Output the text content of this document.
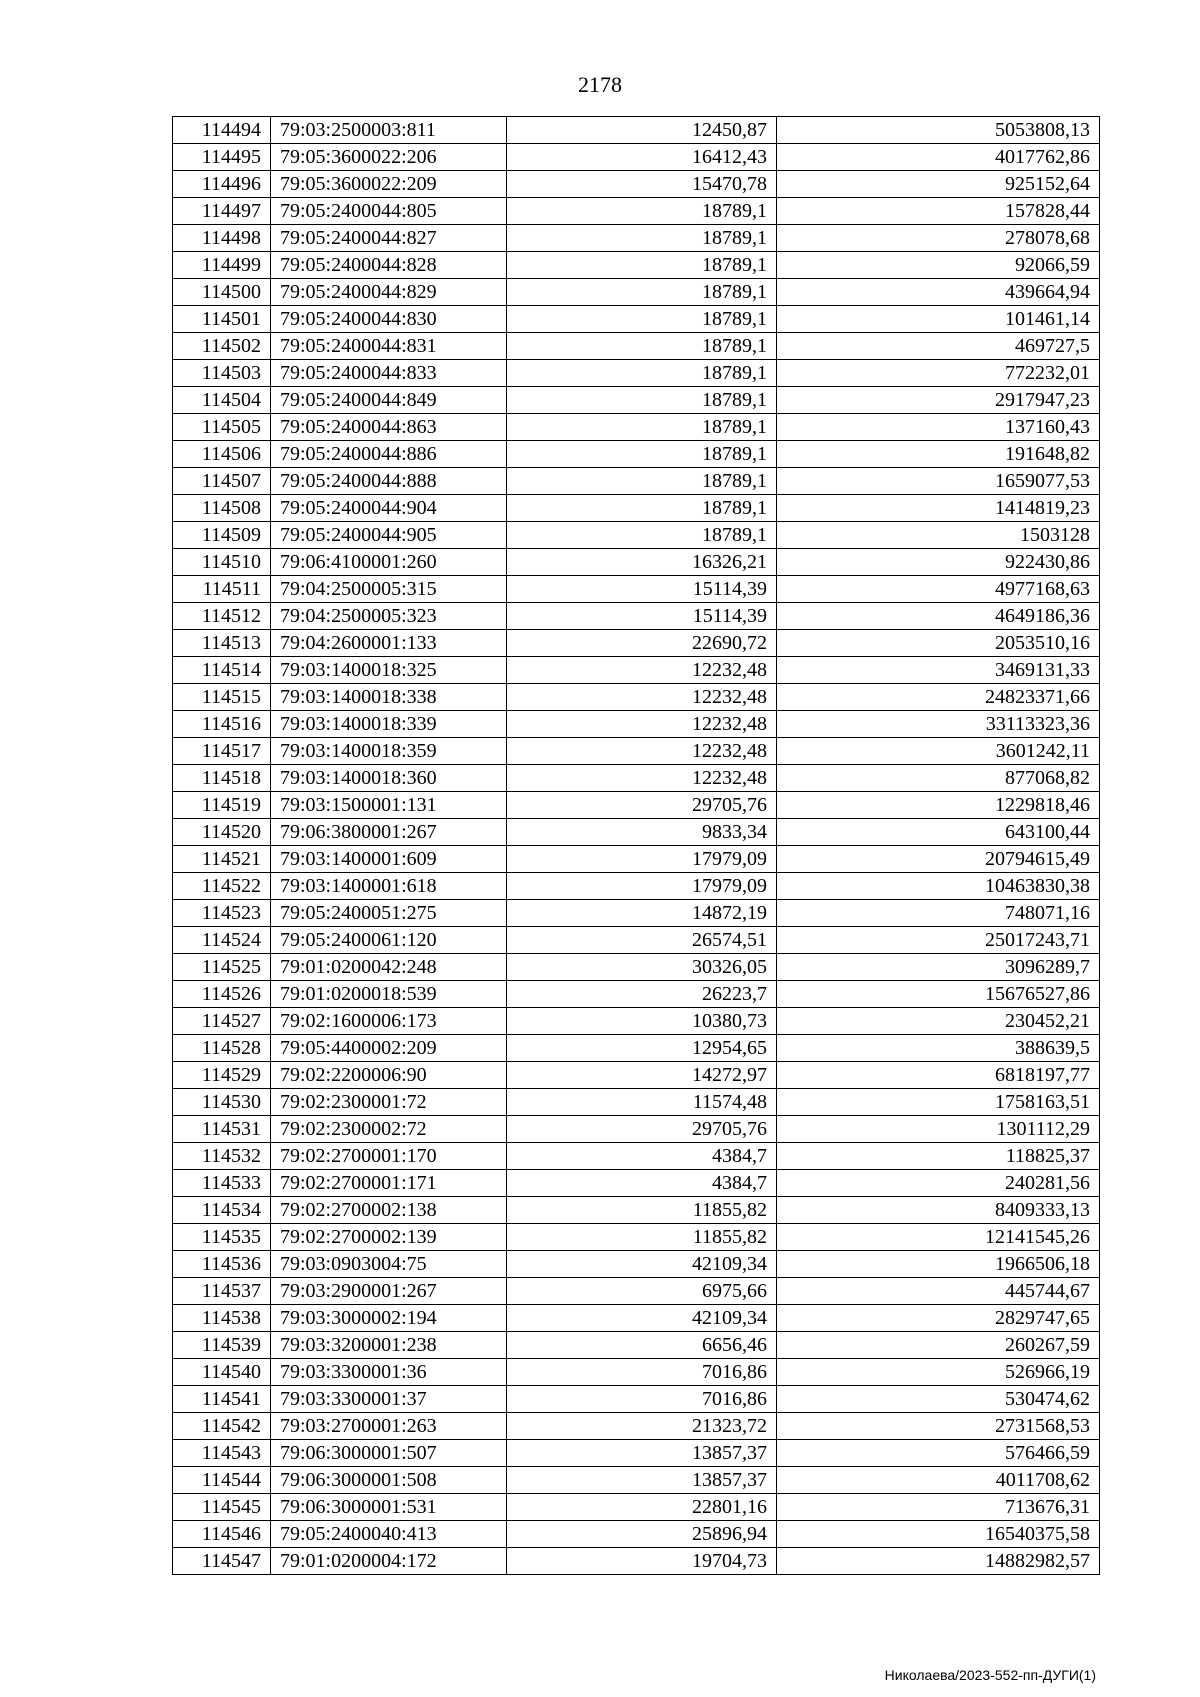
2178
114494	79:03:2500003:811	12450,87	5053808,13
114495	79:05:3600022:206	16412,43	4017762,86
114496	79:05:3600022:209	15470,78	925152,64
114497	79:05:2400044:805	18789,1	157828,44
114498	79:05:2400044:827	18789,1	278078,68
114499	79:05:2400044:828	18789,1	92066,59
114500	79:05:2400044:829	18789,1	439664,94
114501	79:05:2400044:830	18789,1	101461,14
114502	79:05:2400044:831	18789,1	469727,5
114503	79:05:2400044:833	18789,1	772232,01
114504	79:05:2400044:849	18789,1	2917947,23
114505	79:05:2400044:863	18789,1	137160,43
114506	79:05:2400044:886	18789,1	191648,82
114507	79:05:2400044:888	18789,1	1659077,53
114508	79:05:2400044:904	18789,1	1414819,23
114509	79:05:2400044:905	18789,1	1503128
114510	79:06:4100001:260	16326,21	922430,86
114511	79:04:2500005:315	15114,39	4977168,63
114512	79:04:2500005:323	15114,39	4649186,36
114513	79:04:2600001:133	22690,72	2053510,16
114514	79:03:1400018:325	12232,48	3469131,33
114515	79:03:1400018:338	12232,48	24823371,66
114516	79:03:1400018:339	12232,48	33113323,36
114517	79:03:1400018:359	12232,48	3601242,11
114518	79:03:1400018:360	12232,48	877068,82
114519	79:03:1500001:131	29705,76	1229818,46
114520	79:06:3800001:267	9833,34	643100,44
114521	79:03:1400001:609	17979,09	20794615,49
114522	79:03:1400001:618	17979,09	10463830,38
114523	79:05:2400051:275	14872,19	748071,16
114524	79:05:2400061:120	26574,51	25017243,71
114525	79:01:0200042:248	30326,05	3096289,7
114526	79:01:0200018:539	26223,7	15676527,86
114527	79:02:1600006:173	10380,73	230452,21
114528	79:05:4400002:209	12954,65	388639,5
114529	79:02:2200006:90	14272,97	6818197,77
114530	79:02:2300001:72	11574,48	1758163,51
114531	79:02:2300002:72	29705,76	1301112,29
114532	79:02:2700001:170	4384,7	118825,37
114533	79:02:2700001:171	4384,7	240281,56
114534	79:02:2700002:138	11855,82	8409333,13
114535	79:02:2700002:139	11855,82	12141545,26
114536	79:03:0903004:75	42109,34	1966506,18
114537	79:03:2900001:267	6975,66	445744,67
114538	79:03:3000002:194	42109,34	2829747,65
114539	79:03:3200001:238	6656,46	260267,59
114540	79:03:3300001:36	7016,86	526966,19
114541	79:03:3300001:37	7016,86	530474,62
114542	79:03:2700001:263	21323,72	2731568,53
114543	79:06:3000001:507	13857,37	576466,59
114544	79:06:3000001:508	13857,37	4011708,62
114545	79:06:3000001:531	22801,16	713676,31
114546	79:05:2400040:413	25896,94	16540375,58
114547	79:01:0200004:172	19704,73	14882982,57
Николаева/2023-552-пп-ДУГИ(1)
